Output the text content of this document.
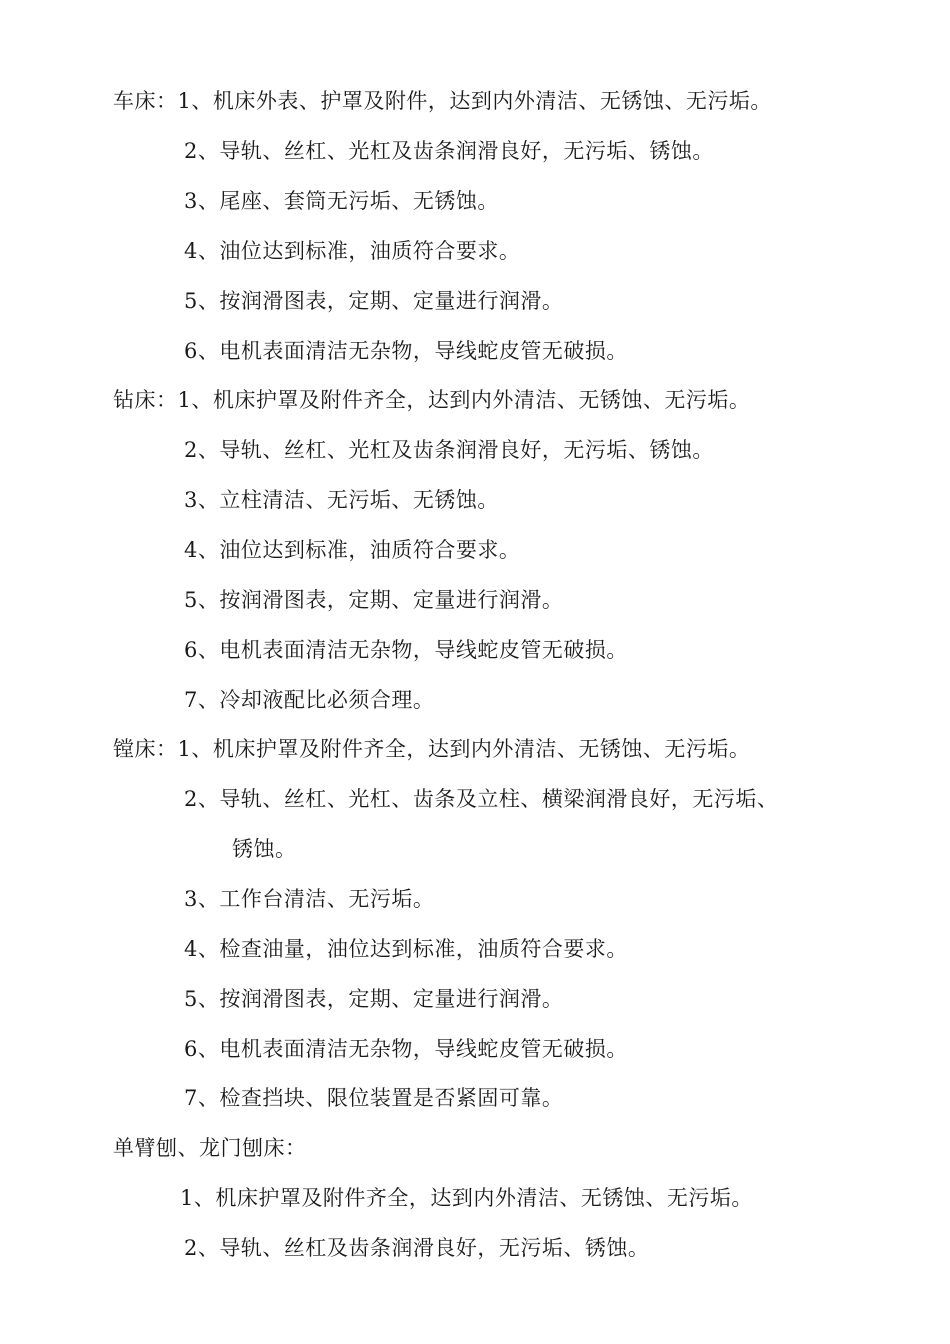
车床：1、机床外表、护罩及附件，达到内外清洁、无锈蚀、无污垢。
2、导轨、丝杠、光杠及齿条润滑良好，无污垢、锈蚀。
3、尾座、套筒无污垢、无锈蚀。
4、油位达到标准，油质符合要求。
5、按润滑图表，定期、定量进行润滑。
6、电机表面清洁无杂物，导线蛇皮管无破损。
钻床：1、机床护罩及附件齐全，达到内外清洁、无锈蚀、无污垢。
2、导轨、丝杠、光杠及齿条润滑良好，无污垢、锈蚀。
3、立柱清洁、无污垢、无锈蚀。
4、油位达到标准，油质符合要求。
5、按润滑图表，定期、定量进行润滑。
6、电机表面清洁无杂物，导线蛇皮管无破损。
7、冷却液配比必须合理。
镗床：1、机床护罩及附件齐全，达到内外清洁、无锈蚀、无污垢。
2、导轨、丝杠、光杠、齿条及立柱、横梁润滑良好，无污垢、
锈蚀。
3、工作台清洁、无污垢。
4、检查油量，油位达到标准，油质符合要求。
5、按润滑图表，定期、定量进行润滑。
6、电机表面清洁无杂物，导线蛇皮管无破损。
7、检查挡块、限位装置是否紧固可靠。
单臂刨、龙门刨床：
1、机床护罩及附件齐全，达到内外清洁、无锈蚀、无污垢。
2、导轨、丝杠及齿条润滑良好，无污垢、锈蚀。
